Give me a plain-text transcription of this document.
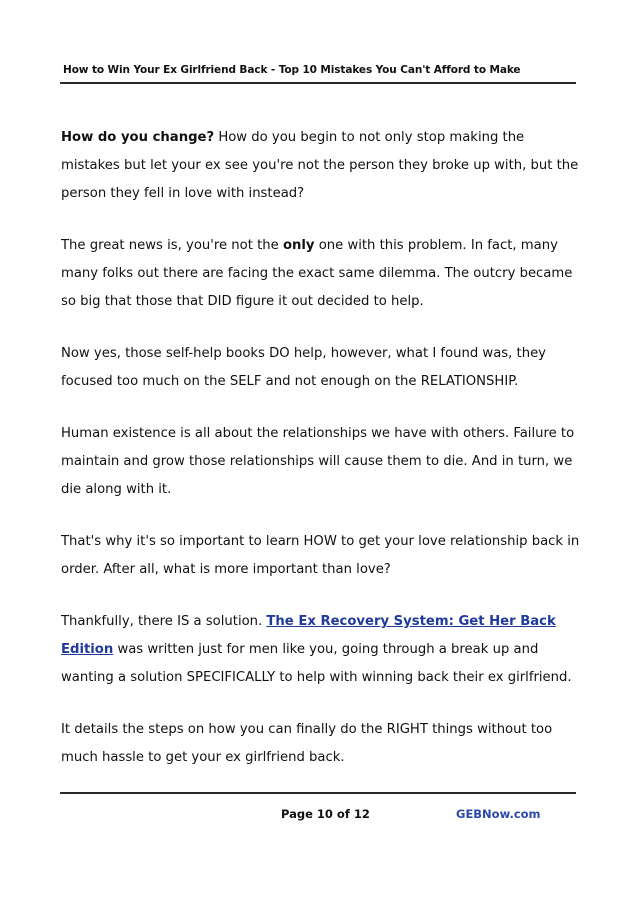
How to Win Your Ex Girlfriend Back - Top 10 Mistakes You Can't Afford to Make

How do you change? How do you begin to not only stop making the mistakes but let your ex see you're not the person they broke up with, but the person they fell in love with instead?

The great news is, you're not the only one with this problem. In fact, many many folks out there are facing the exact same dilemma. The outcry became so big that those that DID figure it out decided to help.

Now yes, those self-help books DO help, however, what I found was, they focused too much on the SELF and not enough on the RELATIONSHIP.

Human existence is all about the relationships we have with others. Failure to maintain and grow those relationships will cause them to die. And in turn, we die along with it.

That's why it's so important to learn HOW to get your love relationship back in order. After all, what is more important than love?

Thankfully, there IS a solution. The Ex Recovery System: Get Her Back Edition was written just for men like you, going through a break up and wanting a solution SPECIFICALLY to help with winning back their ex girlfriend.

It details the steps on how you can finally do the RIGHT things without too much hassle to get your ex girlfriend back.

Page 10 of 12	GEBNow.com
